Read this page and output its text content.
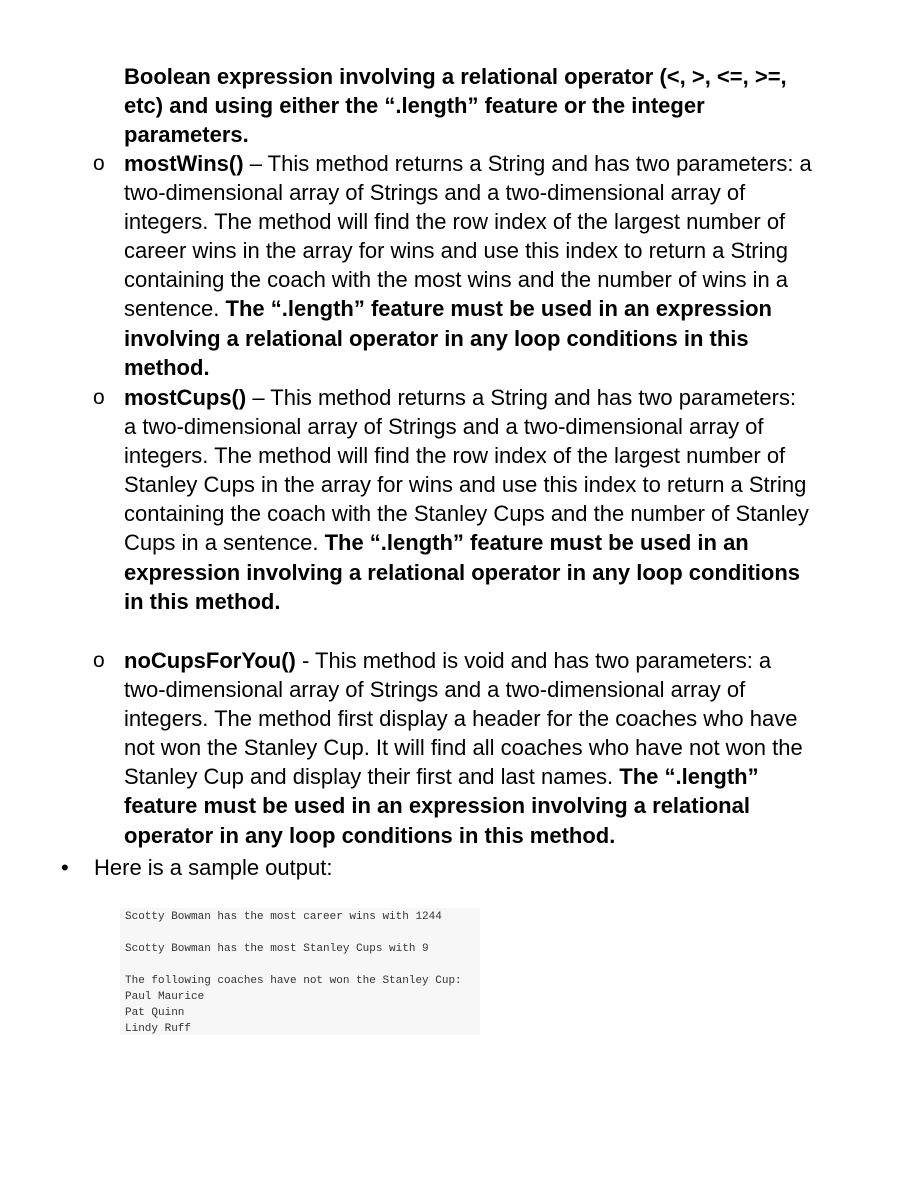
Boolean expression involving a relational operator (<, >, <=, >=, etc) and using either the “.length” feature or the integer parameters.
o mostWins() – This method returns a String and has two parameters: a two-dimensional array of Strings and a two-dimensional array of integers. The method will find the row index of the largest number of career wins in the array for wins and use this index to return a String containing the coach with the most wins and the number of wins in a sentence. The “.length” feature must be used in an expression involving a relational operator in any loop conditions in this method.
o mostCups() – This method returns a String and has two parameters: a two-dimensional array of Strings and a two-dimensional array of integers. The method will find the row index of the largest number of Stanley Cups in the array for wins and use this index to return a String containing the coach with the Stanley Cups and the number of Stanley Cups in a sentence. The “.length” feature must be used in an expression involving a relational operator in any loop conditions in this method.
o noCupsForYou() - This method is void and has two parameters: a two-dimensional array of Strings and a two-dimensional array of integers. The method first display a header for the coaches who have not won the Stanley Cup. It will find all coaches who have not won the Stanley Cup and display their first and last names. The “.length” feature must be used in an expression involving a relational operator in any loop conditions in this method.
• Here is a sample output:
Scotty Bowman has the most career wins with 1244
Scotty Bowman has the most Stanley Cups with 9
The following coaches have not won the Stanley Cup:
Paul Maurice
Pat Quinn
Lindy Ruff
